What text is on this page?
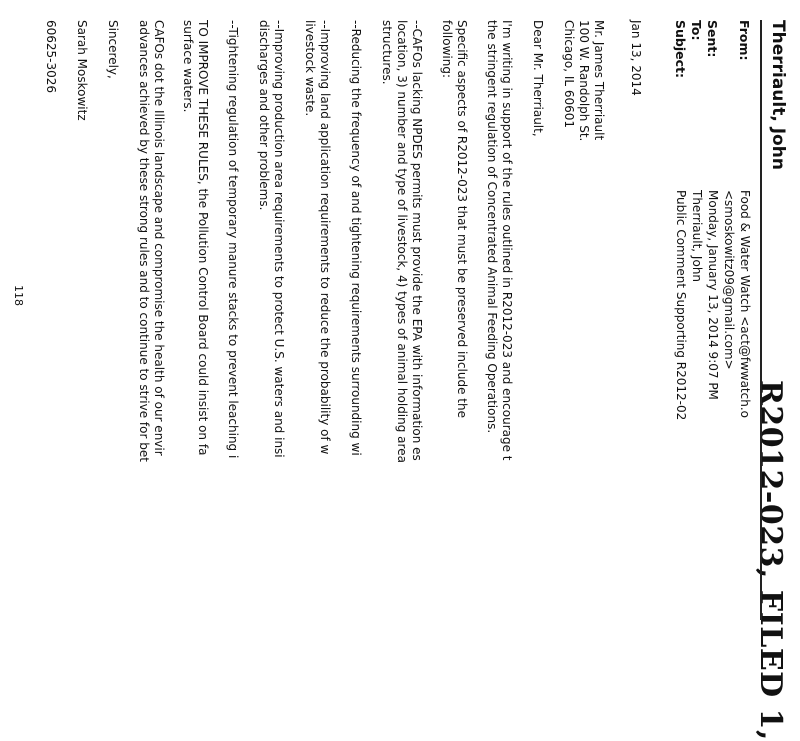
R2012-023, FILED 1,
Therriault, John
From:
Food & Water Watch <act@fwwatch.o
<smoskowitz09@gmail.com>
Sent:
Monday, January 13, 2014 9:07 PM
To:
Therriault, John
Subject:
Public Comment Supporting R2012-02
Jan 13, 2014
Mr. James Therriault
100 W. Randolph St.
Chicago, IL 60601
Dear Mr. Therriault,
I'm writing in support of the rules outlined in R2012-023 and encourage t
the stringent regulation of Concentrated Animal Feeding Operations.
Specific aspects of R2012-023 that must be preserved include the
following:
--CAFOs lacking NPDES permits must provide the EPA with information es
location, 3) number and type of livestock, 4) types of animal holding area
structures.
--Reducing the frequency of and tightening requirements surrounding wi
--Improving land application requirements to reduce the probability of w
livestock waste.
--Improving production area requirements to protect U.S. waters and insi
discharges and other problems.
--Tightening regulation of temporary manure stacks to prevent leaching i
TO IMPROVE THESE RULES, the Pollution Control Board could insist on fa
surface waters.
CAFOs dot the Illinois landscape and compromise the health of our envir
advances achieved by these strong rules and to continue to strive for bet
Sincerely,
Sarah Moskowitz
60625-3026
118
